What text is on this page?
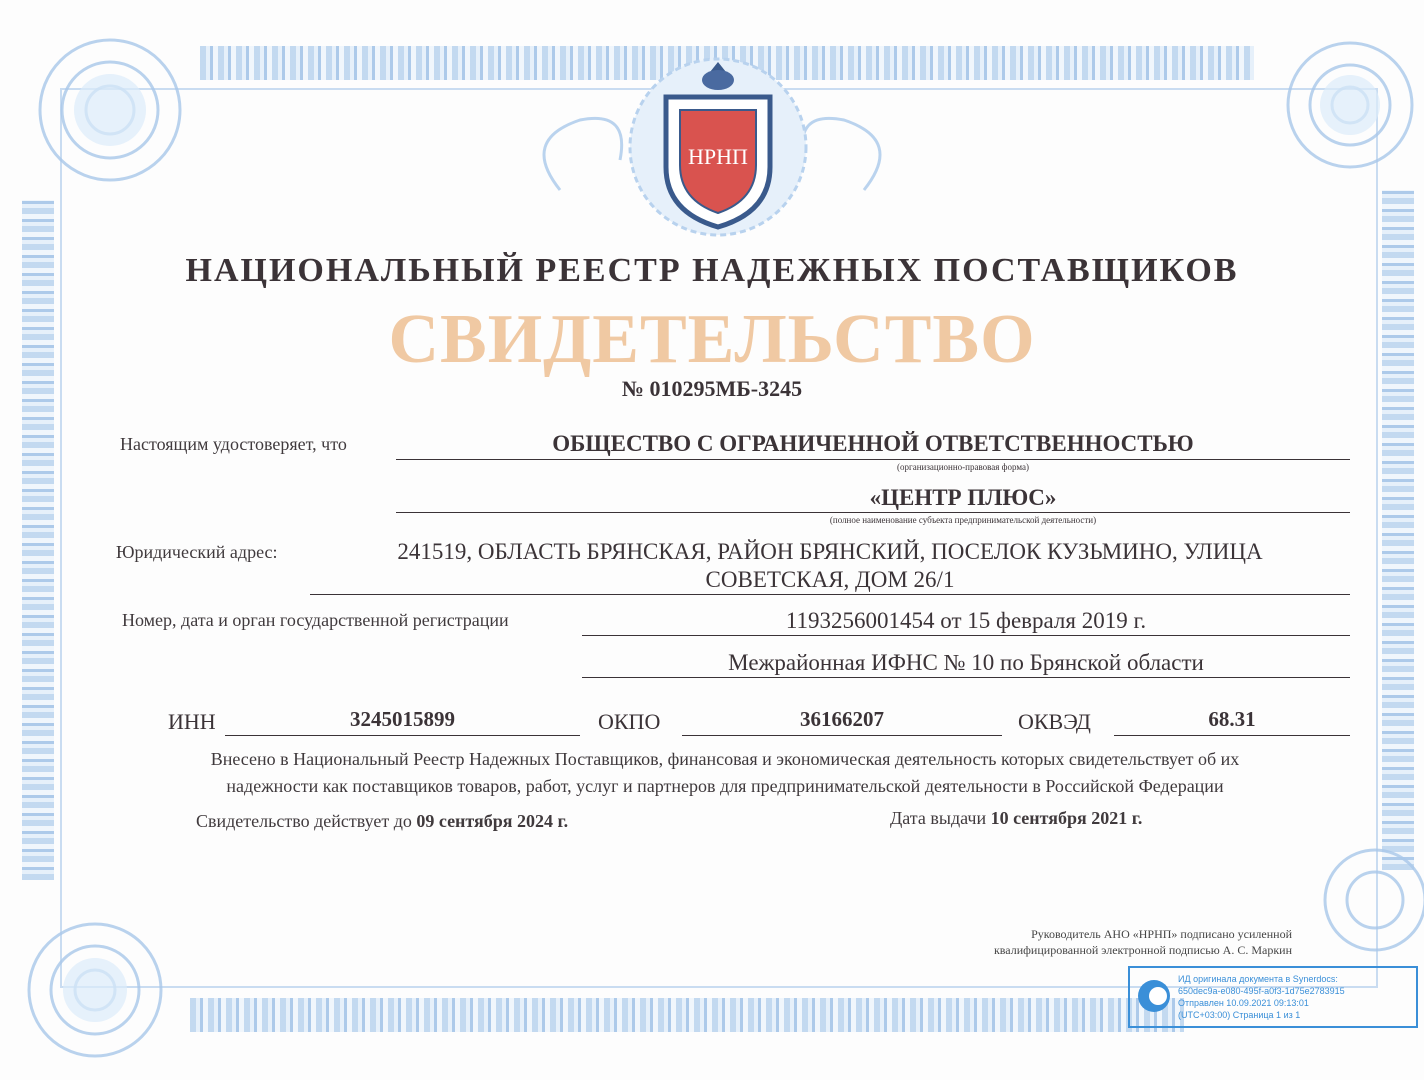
НРНП
НАЦИОНАЛЬНЫЙ РЕЕСТР НАДЕЖНЫХ ПОСТАВЩИКОВ
СВИДЕТЕЛЬСТВО
№ 010295МБ-3245
Настоящим удостоверяет, что	ОБЩЕСТВО С ОГРАНИЧЕННОЙ ОТВЕТСТВЕННОСТЬЮ
(организационно-правовая форма)
«ЦЕНТР ПЛЮС»
(полное наименование субъекта предпринимательской деятельности)
Юридический адрес:	241519, ОБЛАСТЬ БРЯНСКАЯ, РАЙОН БРЯНСКИЙ, ПОСЕЛОК КУЗЬМИНО, УЛИЦА
СОВЕТСКАЯ, ДОМ 26/1
Номер, дата и орган государственной регистрации	1193256001454 от 15 февраля 2019 г.
Межрайонная ИФНС № 10 по Брянской области
ИНН	3245015899	ОКПО	36166207	ОКВЭД	68.31
Внесено в Национальный Реестр Надежных Поставщиков, финансовая и экономическая деятельность которых свидетельствует об их
надежности как поставщиков товаров, работ, услуг и партнеров для предпринимательской деятельности в Российской Федерации
Свидетельство действует до 09 сентября 2024 г.	Дата выдачи 10 сентября 2021 г.
Руководитель АНО «НРНП» подписано усиленной
квалифицированной электронной подписью А. С. Маркин
ИД оригинала документа в Synerdocs:
650dec9a-e080-495f-a0f3-1d75e2783915
Отправлен 10.09.2021 09:13:01
(UTC+03:00) Страница 1 из 1
